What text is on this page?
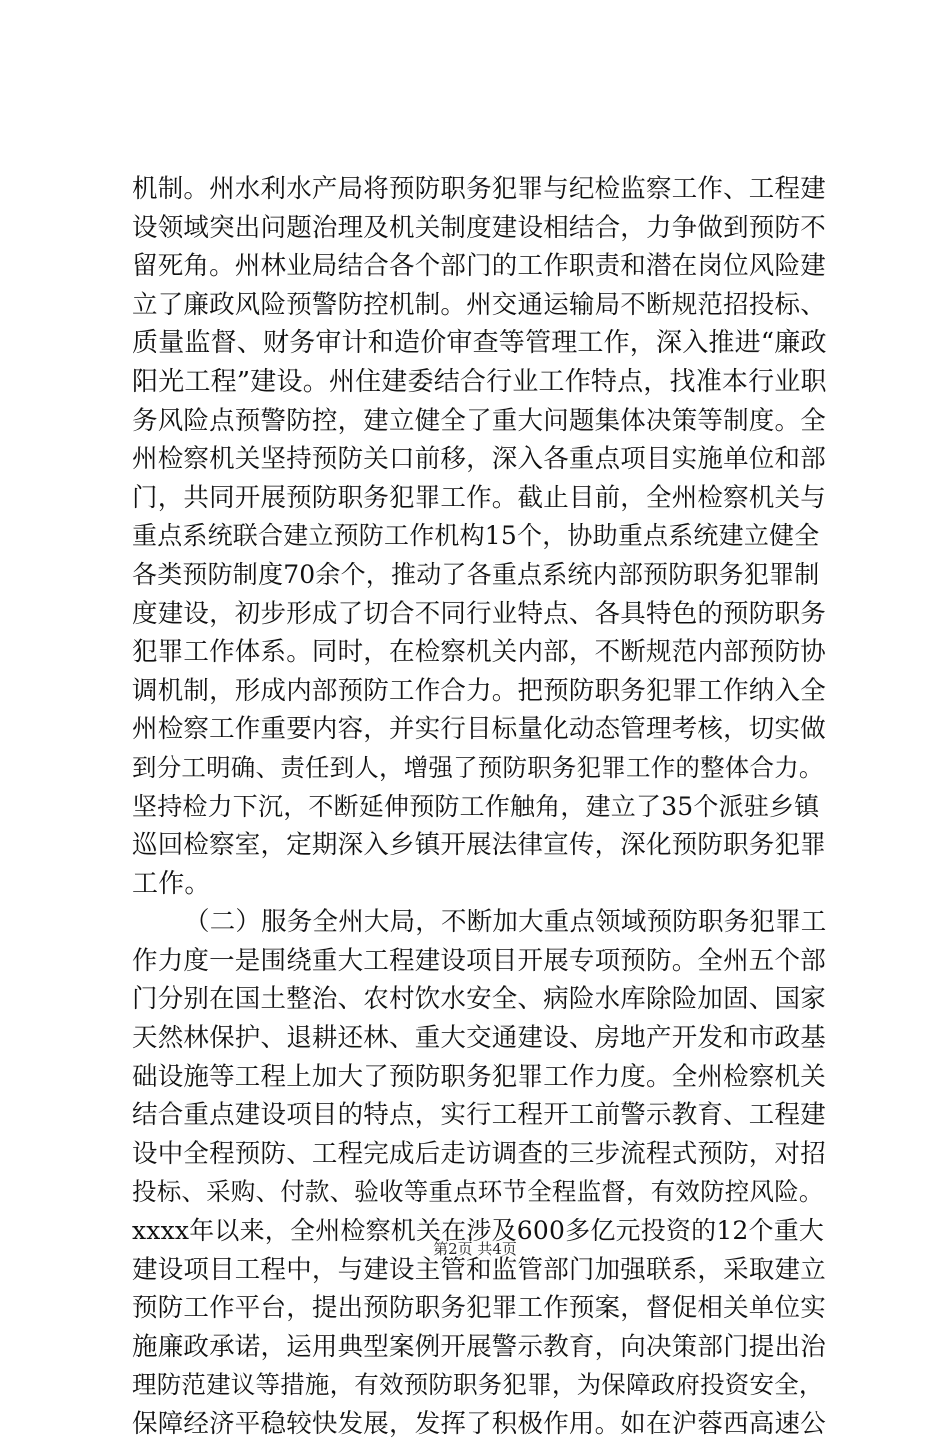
机制。州水利水产局将预防职务犯罪与纪检监察工作、工程建
设领域突出问题治理及机关制度建设相结合，力争做到预防不
留死角。州林业局结合各个部门的工作职责和潜在岗位风险建
立了廉政风险预警防控机制。州交通运输局不断规范招投标、
质量监督、财务审计和造价审查等管理工作，深入推进“廉政
阳光工程”建设。州住建委结合行业工作特点，找准本行业职
务风险点预警防控，建立健全了重大问题集体决策等制度。全
州检察机关坚持预防关口前移，深入各重点项目实施单位和部
门，共同开展预防职务犯罪工作。截止目前，全州检察机关与
重点系统联合建立预防工作机构15个，协助重点系统建立健全
各类预防制度70余个，推动了各重点系统内部预防职务犯罪制
度建设，初步形成了切合不同行业特点、各具特色的预防职务
犯罪工作体系。同时，在检察机关内部，不断规范内部预防协
调机制，形成内部预防工作合力。把预防职务犯罪工作纳入全
州检察工作重要内容，并实行目标量化动态管理考核，切实做
到分工明确、责任到人，增强了预防职务犯罪工作的整体合力。
坚持检力下沉，不断延伸预防工作触角，建立了35个派驻乡镇
巡回检察室，定期深入乡镇开展法律宣传，深化预防职务犯罪
工作。
（二）服务全州大局，不断加大重点领域预防职务犯罪工
作力度一是围绕重大工程建设项目开展专项预防。全州五个部
门分别在国土整治、农村饮水安全、病险水库除险加固、国家
天然林保护、退耕还林、重大交通建设、房地产开发和市政基
础设施等工程上加大了预防职务犯罪工作力度。全州检察机关
结合重点建设项目的特点，实行工程开工前警示教育、工程建
设中全程预防、工程完成后走访调查的三步流程式预防，对招
投标、采购、付款、验收等重点环节全程监督，有效防控风险。
xxxx年以来，全州检察机关在涉及600多亿元投资的12个重大
建设项目工程中，与建设主管和监管部门加强联系，采取建立
预防工作平台，提出预防职务犯罪工作预案，督促相关单位实
施廉政承诺，运用典型案例开展警示教育，向决策部门提出治
理防范建议等措施，有效预防职务犯罪，为保障政府投资安全，
保障经济平稳较快发展，发挥了积极作用。如在沪蓉西高速公
第2页 共4页
